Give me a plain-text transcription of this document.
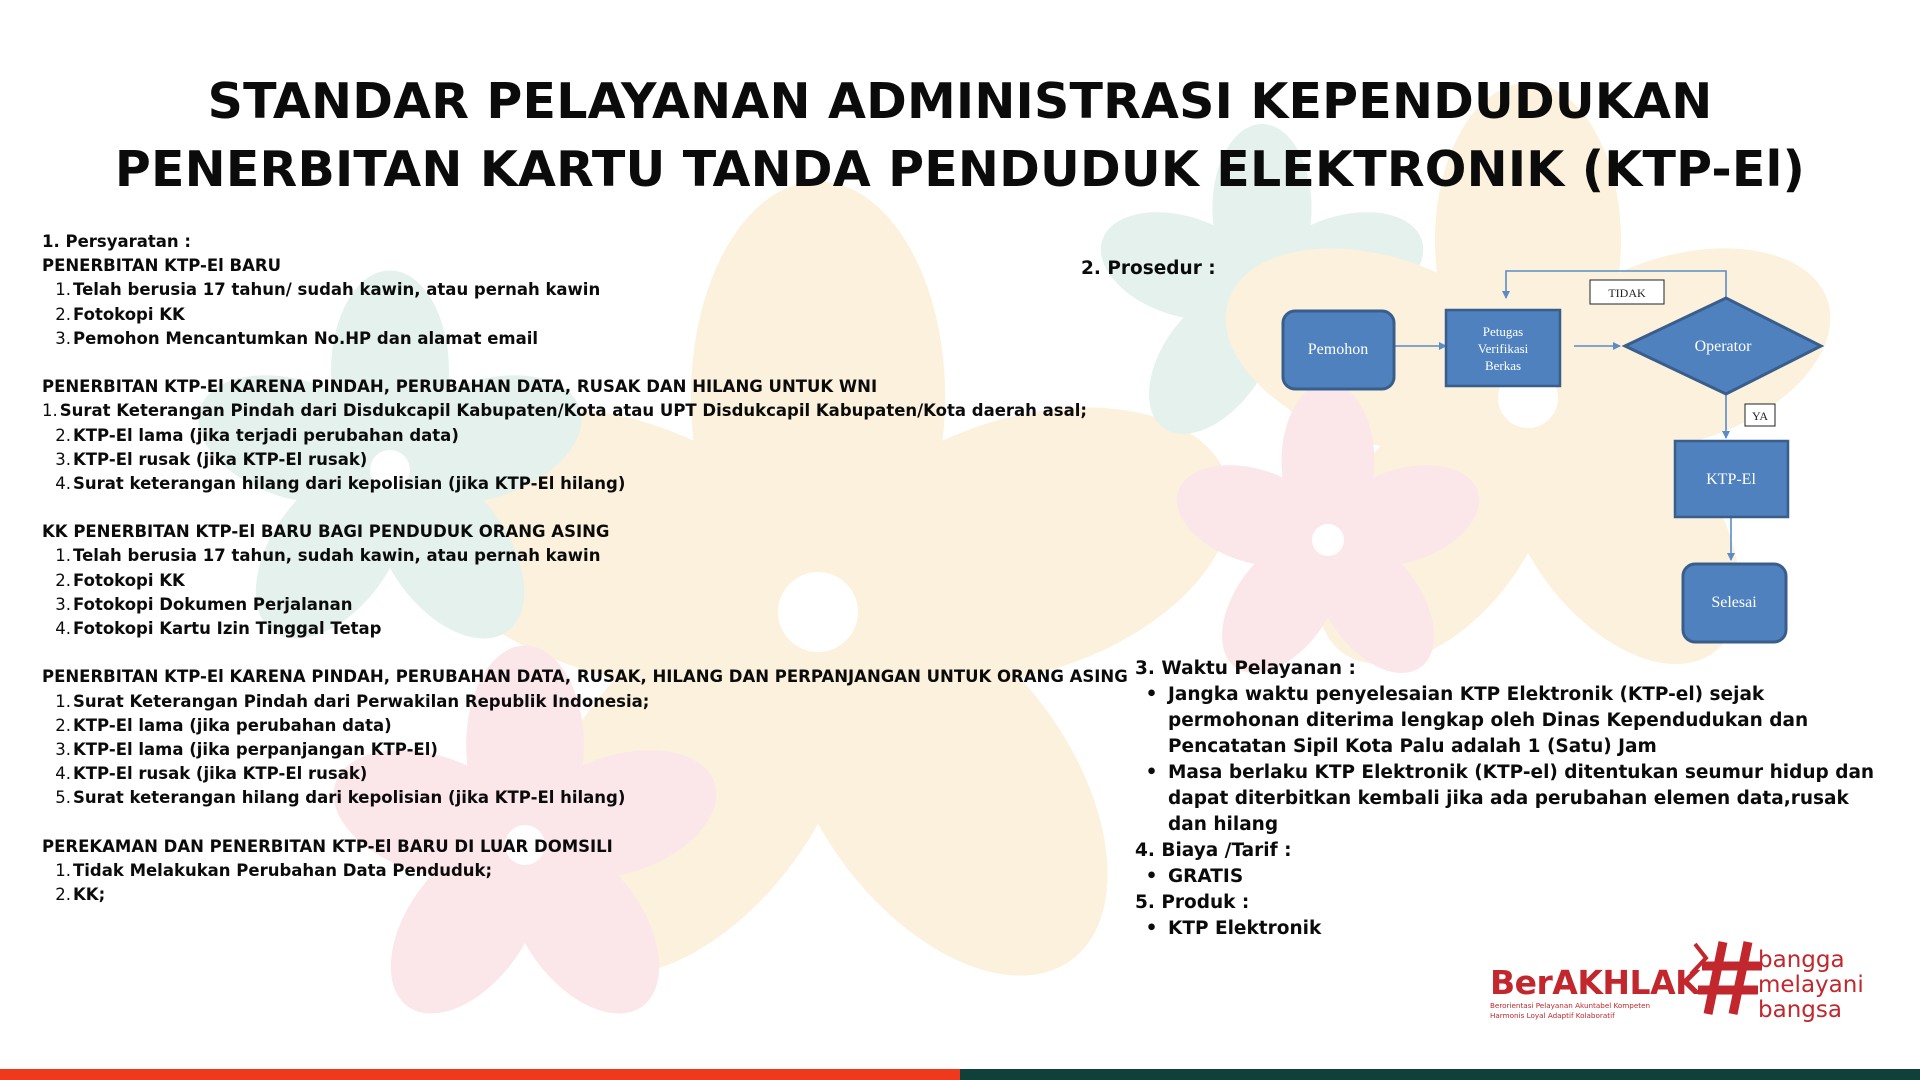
STANDAR PELAYANAN ADMINISTRASI KEPENDUDUKAN
PENERBITAN KARTU TANDA PENDUDUK ELEKTRONIK (KTP-El)
1. Persyaratan :
PENERBITAN KTP-El BARU
1. Telah berusia 17 tahun/ sudah kawin, atau pernah kawin
2. Fotokopi KK
3. Pemohon Mencantumkan No.HP dan alamat email
PENERBITAN KTP-El KARENA PINDAH, PERUBAHAN DATA, RUSAK DAN HILANG UNTUK WNI
1. Surat Keterangan Pindah dari Disdukcapil Kabupaten/Kota atau UPT Disdukcapil Kabupaten/Kota daerah asal;
2. KTP-El lama (jika terjadi perubahan data)
3. KTP-El rusak (jika KTP-El rusak)
4. Surat keterangan hilang dari kepolisian (jika KTP-El hilang)
KK PENERBITAN KTP-El BARU BAGI PENDUDUK ORANG ASING
1. Telah berusia 17 tahun, sudah kawin, atau pernah kawin
2. Fotokopi KK
3. Fotokopi Dokumen Perjalanan
4. Fotokopi Kartu Izin Tinggal Tetap
PENERBITAN KTP-El KARENA PINDAH, PERUBAHAN DATA, RUSAK, HILANG DAN PERPANJANGAN UNTUK ORANG ASING
1. Surat Keterangan Pindah dari Perwakilan Republik Indonesia;
2. KTP-El lama (jika perubahan data)
3. KTP-El lama (jika perpanjangan KTP-El)
4. KTP-El rusak (jika KTP-El rusak)
5. Surat keterangan hilang dari kepolisian (jika KTP-El hilang)
PEREKAMAN DAN PENERBITAN KTP-El BARU DI LUAR DOMSILI
1. Tidak Melakukan Perubahan Data Penduduk;
2. KK;
2. Prosedur :
Pemohon
Petugas
Verifikasi
Berkas
Operator
TIDAK
YA
KTP-El
Selesai
3. Waktu Pelayanan :
• Jangka waktu penyelesaian KTP Elektronik (KTP-el) sejak permohonan diterima lengkap oleh Dinas Kependudukan dan Pencatatan Sipil Kota Palu adalah 1 (Satu) Jam
• Masa berlaku KTP Elektronik (KTP-el) ditentukan seumur hidup dan dapat diterbitkan kembali jika ada perubahan elemen data,rusak dan hilang
4. Biaya /Tarif :
• GRATIS
5. Produk :
• KTP Elektronik
BerAKHLAK
Berorientasi Pelayanan Akuntabel Kompeten
Harmonis Loyal Adaptif Kolaboratif
bangga
melayani
bangsa
